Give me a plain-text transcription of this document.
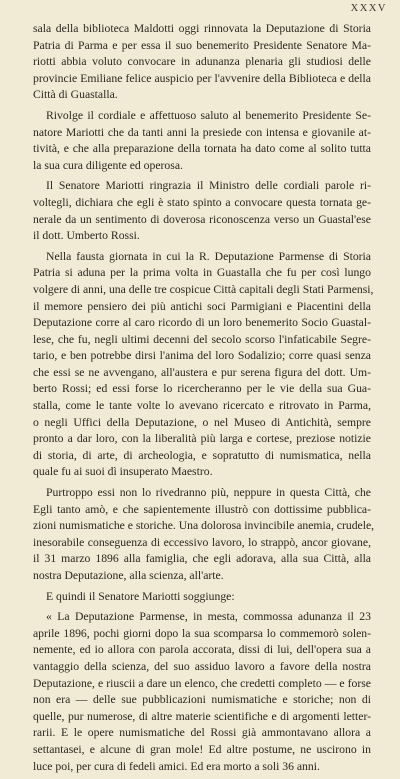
XXXV
sala della biblioteca Maldotti oggi rinnovata la Deputazione di Storia
Patria di Parma e per essa il suo benemerito Presidente Senatore Ma-
riotti abbia voluto convocare in adunanza plenaria gli studiosi delle
provincie Emiliane felice auspicio per l'avvenire della Biblioteca e della
Città di Guastalla.
Rivolge il cordiale e affettuoso saluto al benemerito Presidente Se-
natore Mariotti che da tanti anni la presiede con intensa e giovanile at-
tività, e che alla preparazione della tornata ha dato come al solito tutta
la sua cura diligente ed operosa.
Il Senatore Mariotti ringrazia il Ministro delle cordiali parole ri-
voltegli, dichiara che egli è stato spinto a convocare questa tornata ge-
nerale da un sentimento di doverosa riconoscenza verso un Guastal'ese
il dott. Umberto Rossi.
Nella fausta giornata in cui la R. Deputazione Parmense di Storia
Patria si aduna per la prima volta in Guastalla che fu per così lungo
volgere di anni, una delle tre cospicue Città capitali degli Stati Parmensi,
il memore pensiero dei più antichi soci Parmigiani e Piacentini della
Deputazione corre al caro ricordo di un loro benemerito Socio Guastal-
lese, che fu, negli ultimi decenni del secolo scorso l'infaticabile Segre-
tario, e ben potrebbe dirsi l'anima del loro Sodalizio; corre quasi senza
che essi se ne avvengano, all'austera e pur serena figura del dott. Um-
berto Rossi; ed essi forse lo ricercheranno per le vie della sua Gua-
stalla, come le tante volte lo avevano ricercato e ritrovato in Parma,
o negli Uffici della Deputazione, o nel Museo di Antichità, sempre
pronto a dar loro, con la liberalità più larga e cortese, preziose notizie
di storia, di arte, di archeologia, e sopratutto di numismatica, nella
quale fu ai suoi dì insuperato Maestro.
Purtroppo essi non lo rivedranno più, neppure in questa Città, che
Egli tanto amò, e che sapientemente illustrò con dottissime pubblica-
zioni numismatiche e storiche. Una dolorosa invincibile anemia, crudele,
inesorabile conseguenza di eccessivo lavoro, lo strappò, ancor giovane,
il 31 marzo 1896 alla famiglia, che egli adorava, alla sua Città, alla
nostra Deputazione, alla scienza, all'arte.
E quindi il Senatore Mariotti soggiunge:
« La Deputazione Parmense, in mesta, commossa adunanza il 23
aprile 1896, pochi giorni dopo la sua scomparsa lo commemorò solen-
nemente, ed io allora con parola accorata, dissi di lui, dell'opera sua a
vantaggio della scienza, del suo assiduo lavoro a favore della nostra
Deputazione, e riuscii a dare un elenco, che credetti completo — e forse
non era — delle sue pubblicazioni numismatiche e storiche; non di
quelle, pur numerose, di altre materie scientifiche e di argomenti letter-
rarii. E le opere numismatiche del Rossi già ammontavano allora a
settantasei, e alcune di gran mole! Ed altre postume, ne uscirono in
luce poi, per cura di fedeli amici. Ed era morto a soli 36 anni.
